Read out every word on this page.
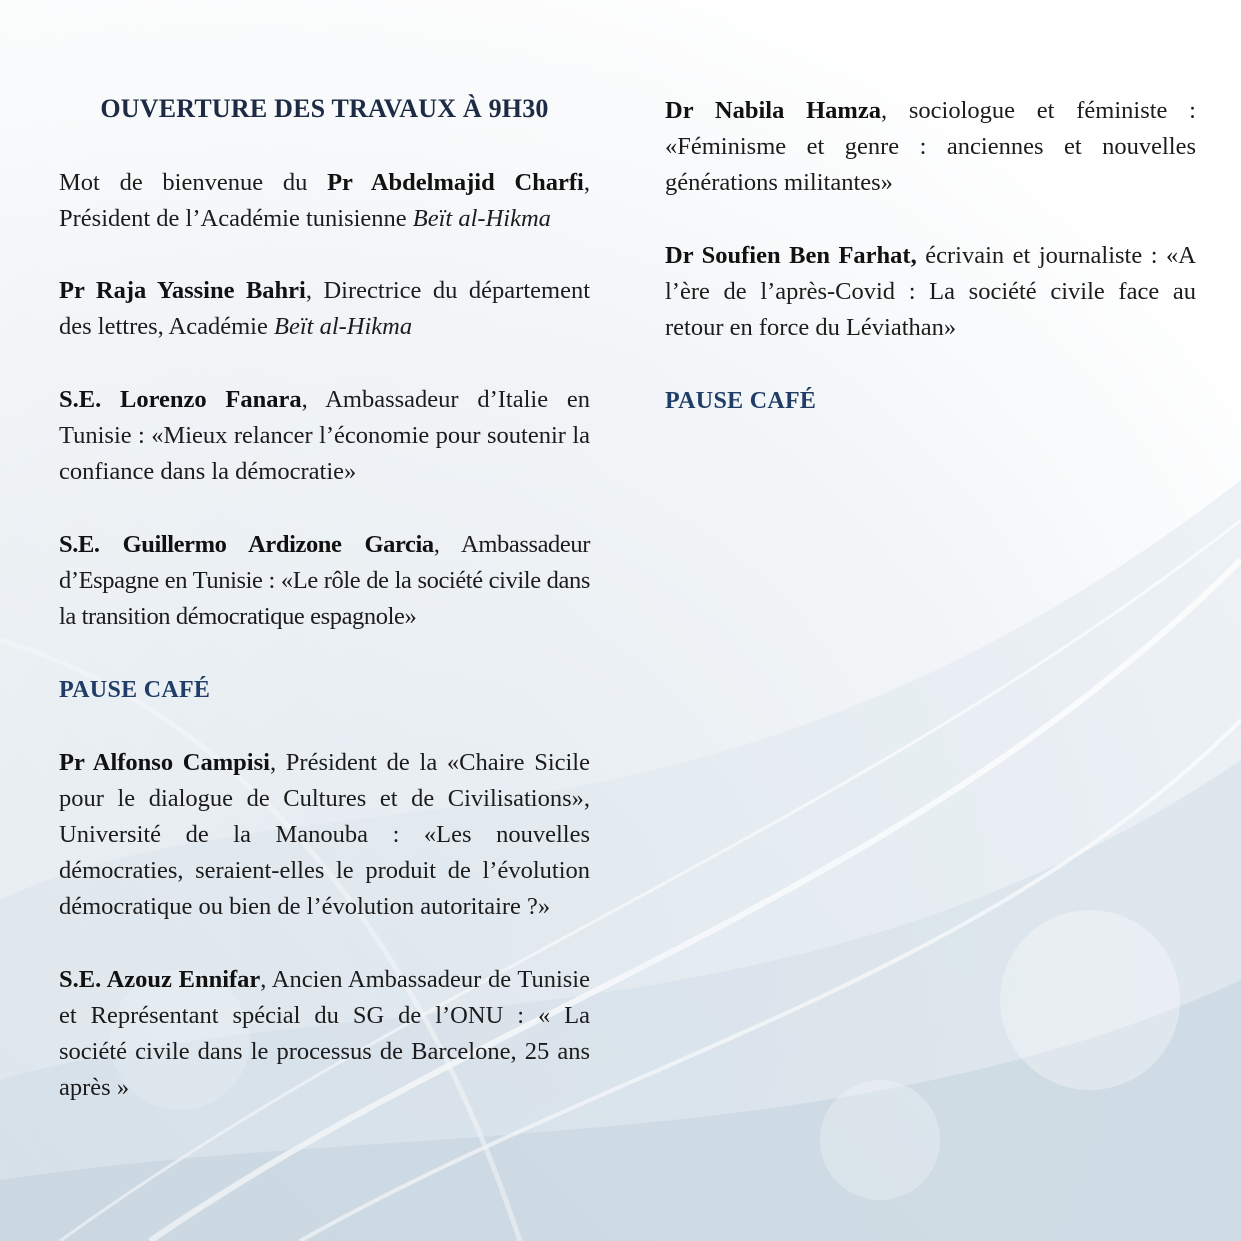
OUVERTURE DES TRAVAUX À 9H30
Mot de bienvenue du Pr Abdelmajid Charfi, Président de l’Académie tunisienne Beït al-Hikma
Pr Raja Yassine Bahri, Directrice du département des lettres, Académie Beït al-Hikma
S.E. Lorenzo Fanara, Ambassadeur d’Italie en Tunisie : «Mieux relancer l’économie pour soutenir la confiance dans la démocratie»
S.E. Guillermo Ardizone Garcia, Ambassadeur d’Espagne en Tunisie : «Le rôle de la société civile dans la transition démocratique espagnole»
PAUSE CAFÉ
Pr Alfonso Campisi, Président de la «Chaire Sicile pour le dialogue de Cultures et de Civilisations», Université de la Manouba : «Les nouvelles démocraties, seraient-elles le produit de l’évolution démocratique ou bien de l’évolution autoritaire ?»
S.E. Azouz Ennifar, Ancien Ambassadeur de Tunisie et Représentant spécial du SG de l’ONU : « La société civile dans le processus de Barcelone, 25 ans après »
Dr Nabila Hamza, sociologue et féministe : «Féminisme et genre : anciennes et nouvelles générations militantes»
Dr Soufien Ben Farhat, écrivain et journaliste : «A l’ère de l’après-Covid : La société civile face au retour en force du Léviathan»
PAUSE CAFÉ
